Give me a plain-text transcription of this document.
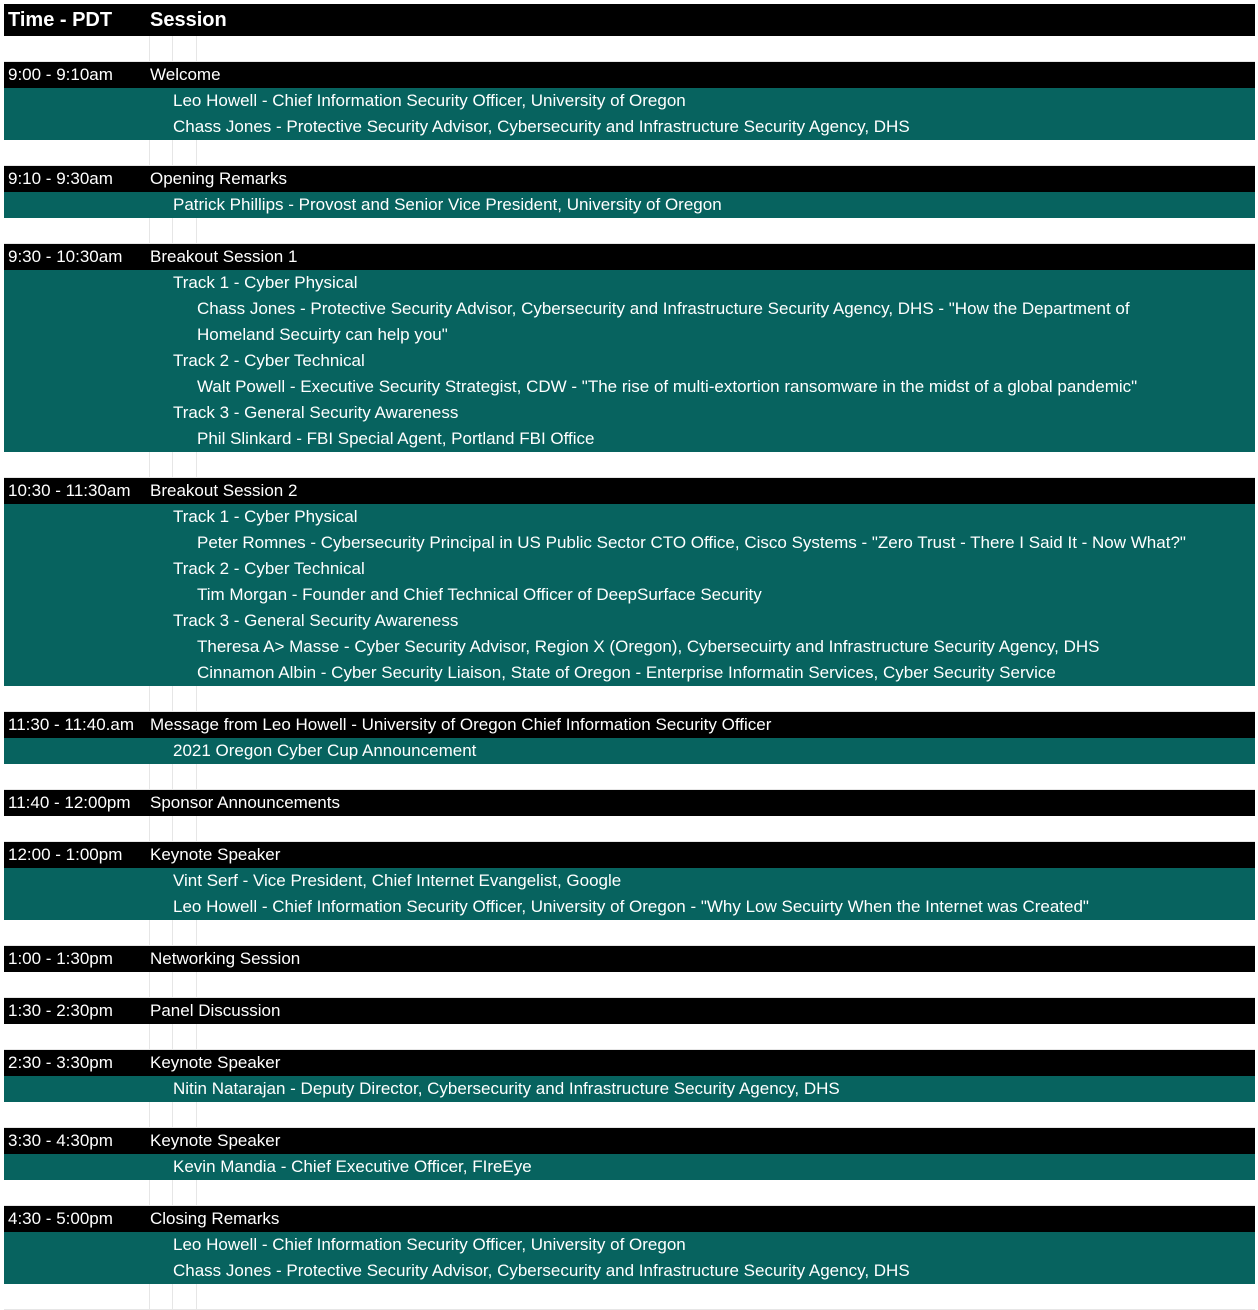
Time - PDT Session
9:00 - 9:10am Welcome
Leo Howell - Chief Information Security Officer, University of Oregon
Chass Jones - Protective Security Advisor, Cybersecurity and Infrastructure Security Agency, DHS
9:10 - 9:30am Opening Remarks
Patrick Phillips - Provost and Senior Vice President, University of Oregon
9:30 - 10:30am Breakout Session 1
Track 1 - Cyber Physical
Chass Jones - Protective Security Advisor, Cybersecurity and Infrastructure Security Agency, DHS - "How the Department of
Homeland Secuirty can help you"
Track 2 - Cyber Technical
Walt Powell - Executive Security Strategist, CDW - "The rise of multi-extortion ransomware in the midst of a global pandemic"
Track 3 - General Security Awareness
Phil Slinkard - FBI Special Agent, Portland FBI Office
10:30 - 11:30am Breakout Session 2
Track 1 - Cyber Physical
Peter Romnes - Cybersecurity Principal in US Public Sector CTO Office, Cisco Systems - "Zero Trust - There I Said It - Now What?"
Track 2 - Cyber Technical
Tim Morgan - Founder and Chief Technical Officer of DeepSurface Security
Track 3 - General Security Awareness
Theresa A> Masse - Cyber Security Advisor, Region X (Oregon), Cybersecuirty and Infrastructure Security Agency, DHS
Cinnamon Albin - Cyber Security Liaison, State of Oregon - Enterprise Informatin Services, Cyber Security Service
11:30 - 11:40.am Message from Leo Howell - University of Oregon Chief Information Security Officer
2021 Oregon Cyber Cup Announcement
11:40 - 12:00pm Sponsor Announcements
12:00 - 1:00pm Keynote Speaker
Vint Serf - Vice President, Chief Internet Evangelist, Google
Leo Howell - Chief Information Security Officer, University of Oregon - "Why Low Secuirty When the Internet was Created"
1:00 - 1:30pm Networking Session
1:30 - 2:30pm Panel Discussion
2:30 - 3:30pm Keynote Speaker
Nitin Natarajan - Deputy Director, Cybersecurity and Infrastructure Security Agency, DHS
3:30 - 4:30pm Keynote Speaker
Kevin Mandia - Chief Executive Officer, FIreEye
4:30 - 5:00pm Closing Remarks
Leo Howell - Chief Information Security Officer, University of Oregon
Chass Jones - Protective Security Advisor, Cybersecurity and Infrastructure Security Agency, DHS
